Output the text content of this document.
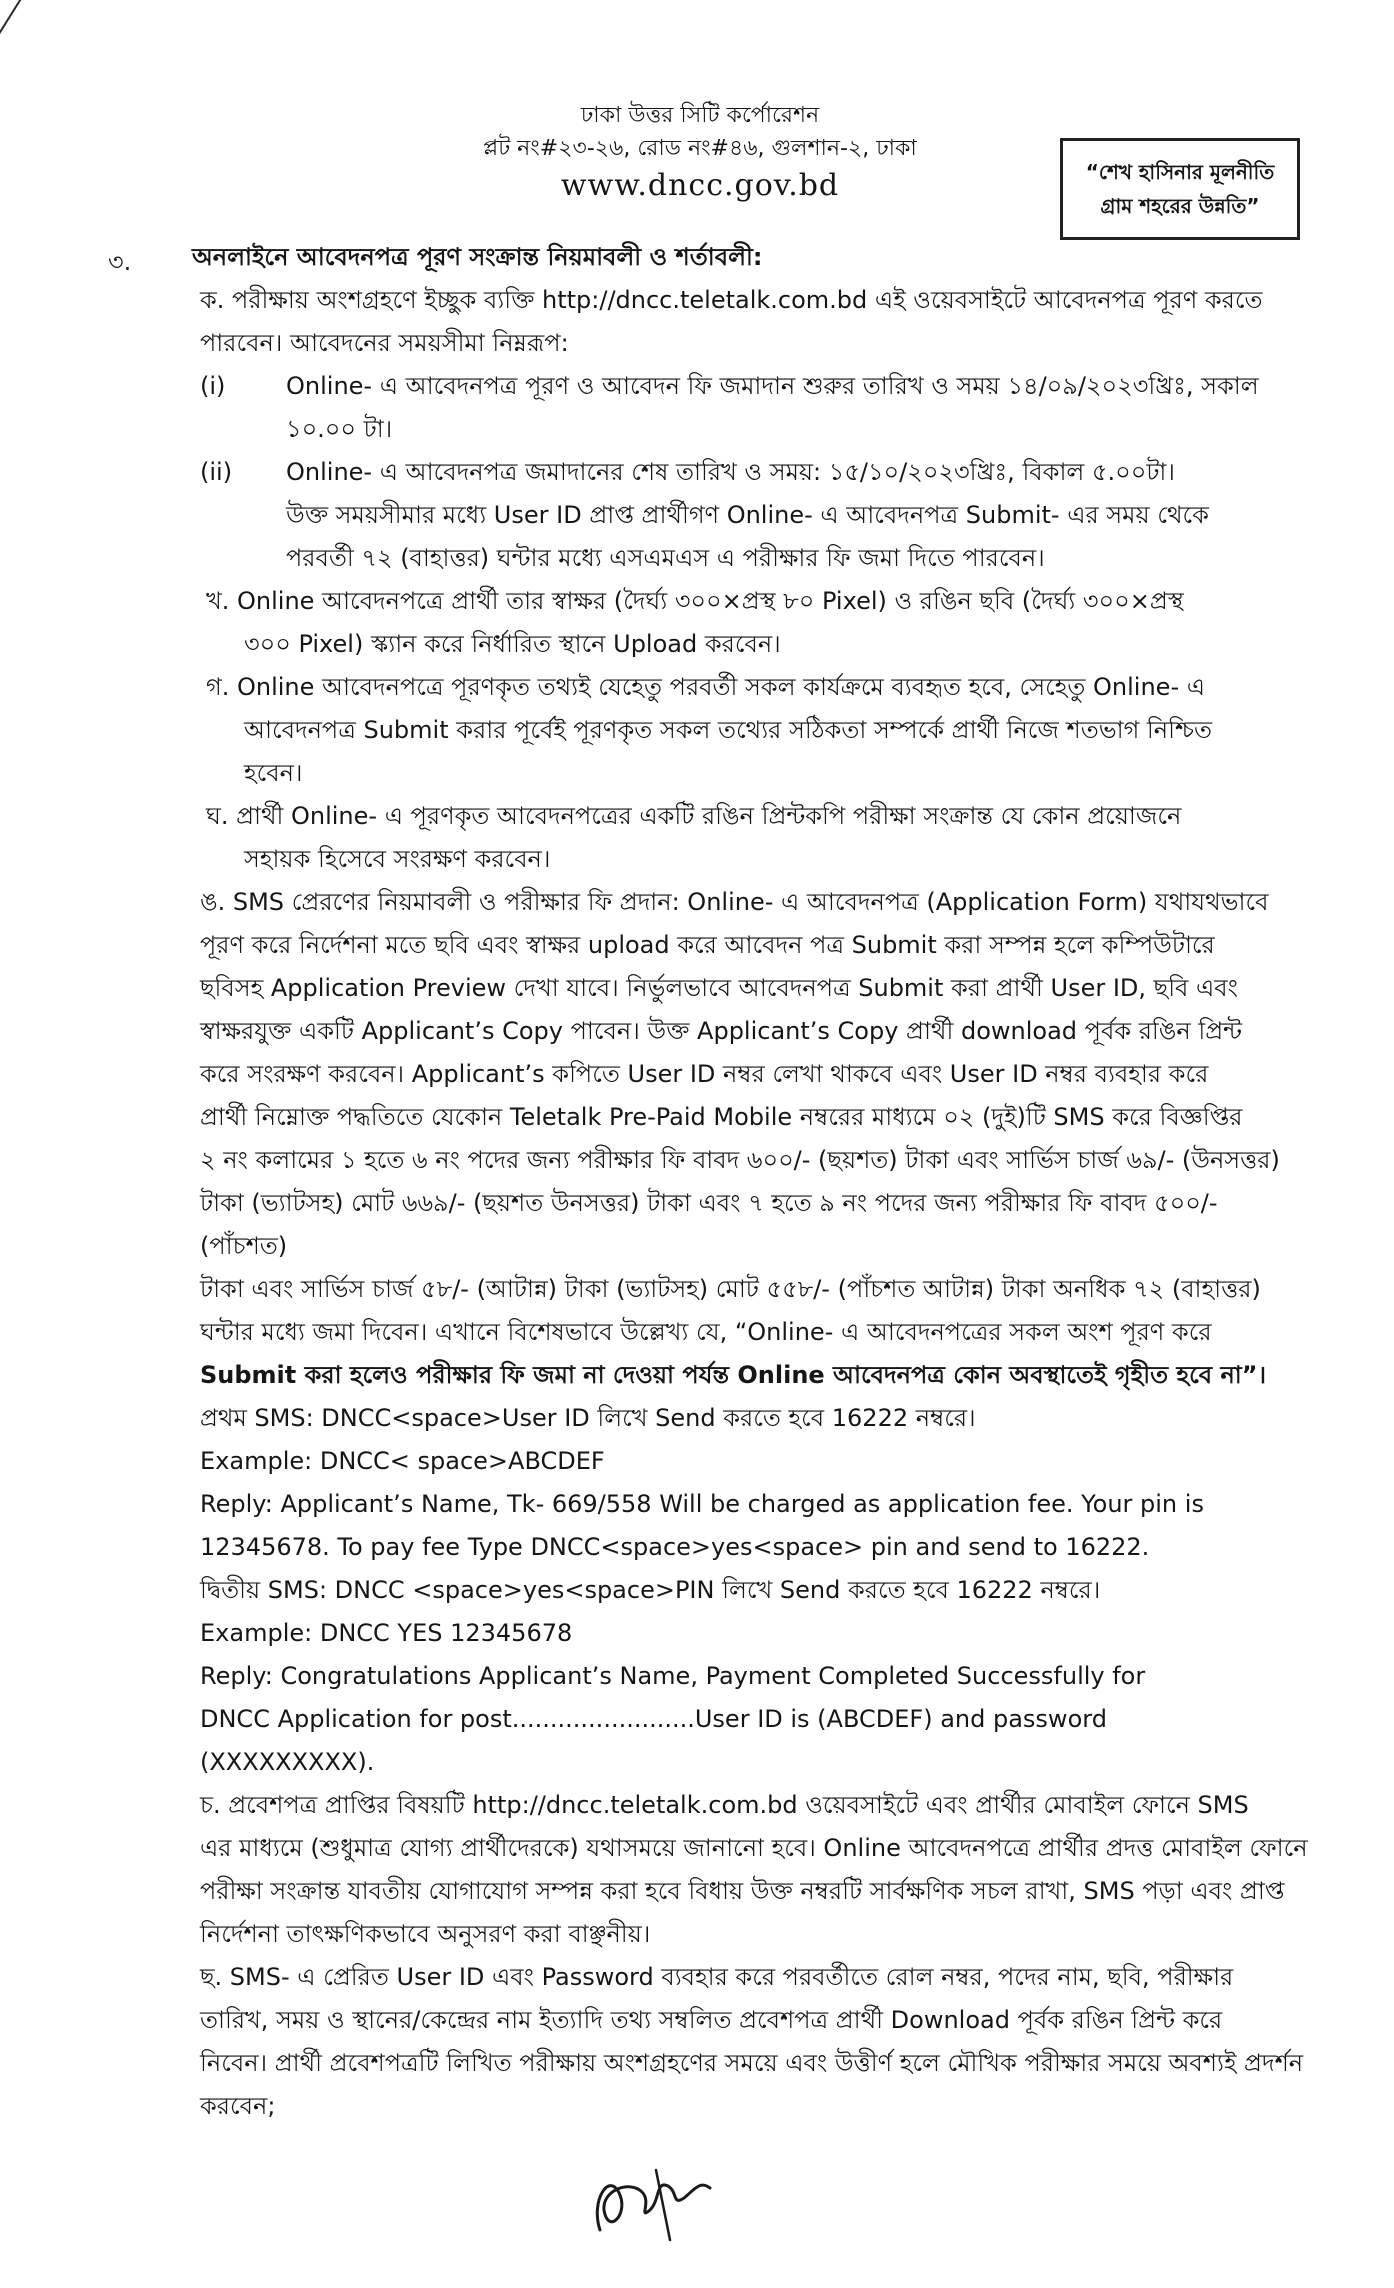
ঢাকা উত্তর সিটি কর্পোরেশন
প্লট নং#২৩-২৬, রোড নং#৪৬, গুলশান-২, ঢাকা
www.dncc.gov.bd	“শেখ হাসিনার মূলনীতি
গ্রাম শহরের উন্নতি”
৩.	অনলাইনে আবেদনপত্র পূরণ সংক্রান্ত নিয়মাবলী ও শর্তাবলী:

ক. পরীক্ষায় অংশগ্রহণে ইচ্ছুক ব্যক্তি http://dncc.teletalk.com.bd এই ওয়েবসাইটে আবেদনপত্র পূরণ করতে

পারবেন। আবেদনের সময়সীমা নিম্নরূপ:

(i)	Online- এ আবেদনপত্র পূরণ ও আবেদন ফি জমাদান শুরুর তারিখ ও সময় ১৪/০৯/২০২৩খ্রিঃ, সকাল

১০.০০ টা।

(ii)	Online- এ আবেদনপত্র জমাদানের শেষ তারিখ ও সময়: ১৫/১০/২০২৩খ্রিঃ, বিকাল ৫.০০টা।

উক্ত সময়সীমার মধ্যে User ID প্রাপ্ত প্রার্থীগণ Online- এ আবেদনপত্র Submit- এর সময় থেকে

পরবর্তী ৭২ (বাহাত্তর) ঘন্টার মধ্যে এসএমএস এ পরীক্ষার ফি জমা দিতে পারবেন।

খ. Online আবেদনপত্রে প্রার্থী তার স্বাক্ষর (দৈর্ঘ্য ৩০০×প্রস্থ ৮০ Pixel) ও রঙিন ছবি (দৈর্ঘ্য ৩০০×প্রস্থ

৩০০ Pixel) স্ক্যান করে নির্ধারিত স্থানে Upload করবেন।

গ. Online আবেদনপত্রে পূরণকৃত তথ্যই যেহেতু পরবর্তী সকল কার্যক্রমে ব্যবহৃত হবে, সেহেতু Online- এ

আবেদনপত্র Submit করার পূর্বেই পূরণকৃত সকল তথ্যের সঠিকতা সম্পর্কে প্রার্থী নিজে শতভাগ নিশ্চিত

হবেন।

ঘ. প্রার্থী Online- এ পূরণকৃত আবেদনপত্রের একটি রঙিন প্রিন্টকপি পরীক্ষা সংক্রান্ত যে কোন প্রয়োজনে

সহায়ক হিসেবে সংরক্ষণ করবেন।

ঙ. SMS প্রেরণের নিয়মাবলী ও পরীক্ষার ফি প্রদান: Online- এ আবেদনপত্র (Application Form) যথাযথভাবে

পূরণ করে নির্দেশনা মতে ছবি এবং স্বাক্ষর upload করে আবেদন পত্র Submit করা সম্পন্ন হলে কম্পিউটারে

ছবিসহ Application Preview দেখা যাবে। নির্ভুলভাবে আবেদনপত্র Submit করা প্রার্থী User ID, ছবি এবং

স্বাক্ষরযুক্ত একটি Applicant’s Copy পাবেন। উক্ত Applicant’s Copy প্রার্থী download পূর্বক রঙিন প্রিন্ট

করে সংরক্ষণ করবেন। Applicant’s কপিতে User ID নম্বর লেখা থাকবে এবং User ID নম্বর ব্যবহার করে

প্রার্থী নিম্নোক্ত পদ্ধতিতে যেকোন Teletalk Pre-Paid Mobile নম্বরের মাধ্যমে ০২ (দুই)টি SMS করে বিজ্ঞপ্তির

২ নং কলামের ১ হতে ৬ নং পদের জন্য পরীক্ষার ফি বাবদ ৬০০/- (ছয়শত) টাকা এবং সার্ভিস চার্জ ৬৯/- (উনসত্তর)

টাকা (ভ্যাটসহ) মোট ৬৬৯/- (ছয়শত উনসত্তর) টাকা এবং ৭ হতে ৯ নং পদের জন্য পরীক্ষার ফি বাবদ ৫০০/- (পাঁচশত)

টাকা এবং সার্ভিস চার্জ ৫৮/- (আটান্ন) টাকা (ভ্যাটসহ) মোট ৫৫৮/- (পাঁচশত আটান্ন) টাকা অনধিক ৭২ (বাহাত্তর)

ঘন্টার মধ্যে জমা দিবেন। এখানে বিশেষভাবে উল্লেখ্য যে, “Online- এ আবেদনপত্রের সকল অংশ পূরণ করে

Submit করা হলেও পরীক্ষার ফি জমা না দেওয়া পর্যন্ত Online আবেদনপত্র কোন অবস্থাতেই গৃহীত হবে না”।

প্রথম SMS: DNCC<space>User ID লিখে Send করতে হবে 16222 নম্বরে।

Example: DNCC< space>ABCDEF

Reply: Applicant’s Name, Tk- 669/558 Will be charged as application fee. Your pin is

12345678. To pay fee Type DNCC<space>yes<space> pin and send to 16222.

দ্বিতীয় SMS: DNCC <space>yes<space>PIN লিখে Send করতে হবে 16222 নম্বরে।

Example: DNCC YES 12345678

Reply: Congratulations Applicant’s Name, Payment Completed Successfully for

DNCC Application for post........................User ID is (ABCDEF) and password

(XXXXXXXXX).

চ. প্রবেশপত্র প্রাপ্তির বিষয়টি http://dncc.teletalk.com.bd ওয়েবসাইটে এবং প্রার্থীর মোবাইল ফোনে SMS

এর মাধ্যমে (শুধুমাত্র যোগ্য প্রার্থীদেরকে) যথাসময়ে জানানো হবে। Online আবেদনপত্রে প্রার্থীর প্রদত্ত মোবাইল ফোনে

পরীক্ষা সংক্রান্ত যাবতীয় যোগাযোগ সম্পন্ন করা হবে বিধায় উক্ত নম্বরটি সার্বক্ষণিক সচল রাখা, SMS পড়া এবং প্রাপ্ত

নির্দেশনা তাৎক্ষণিকভাবে অনুসরণ করা বাঞ্ছনীয়।

ছ. SMS- এ প্রেরিত User ID এবং Password ব্যবহার করে পরবর্তীতে রোল নম্বর, পদের নাম, ছবি, পরীক্ষার

তারিখ, সময় ও স্থানের/কেন্দ্রের নাম ইত্যাদি তথ্য সম্বলিত প্রবেশপত্র প্রার্থী Download পূর্বক রঙিন প্রিন্ট করে

নিবেন। প্রার্থী প্রবেশপত্রটি লিখিত পরীক্ষায় অংশগ্রহণের সময়ে এবং উত্তীর্ণ হলে মৌখিক পরীক্ষার সময়ে অবশ্যই প্রদর্শন

করবেন;
